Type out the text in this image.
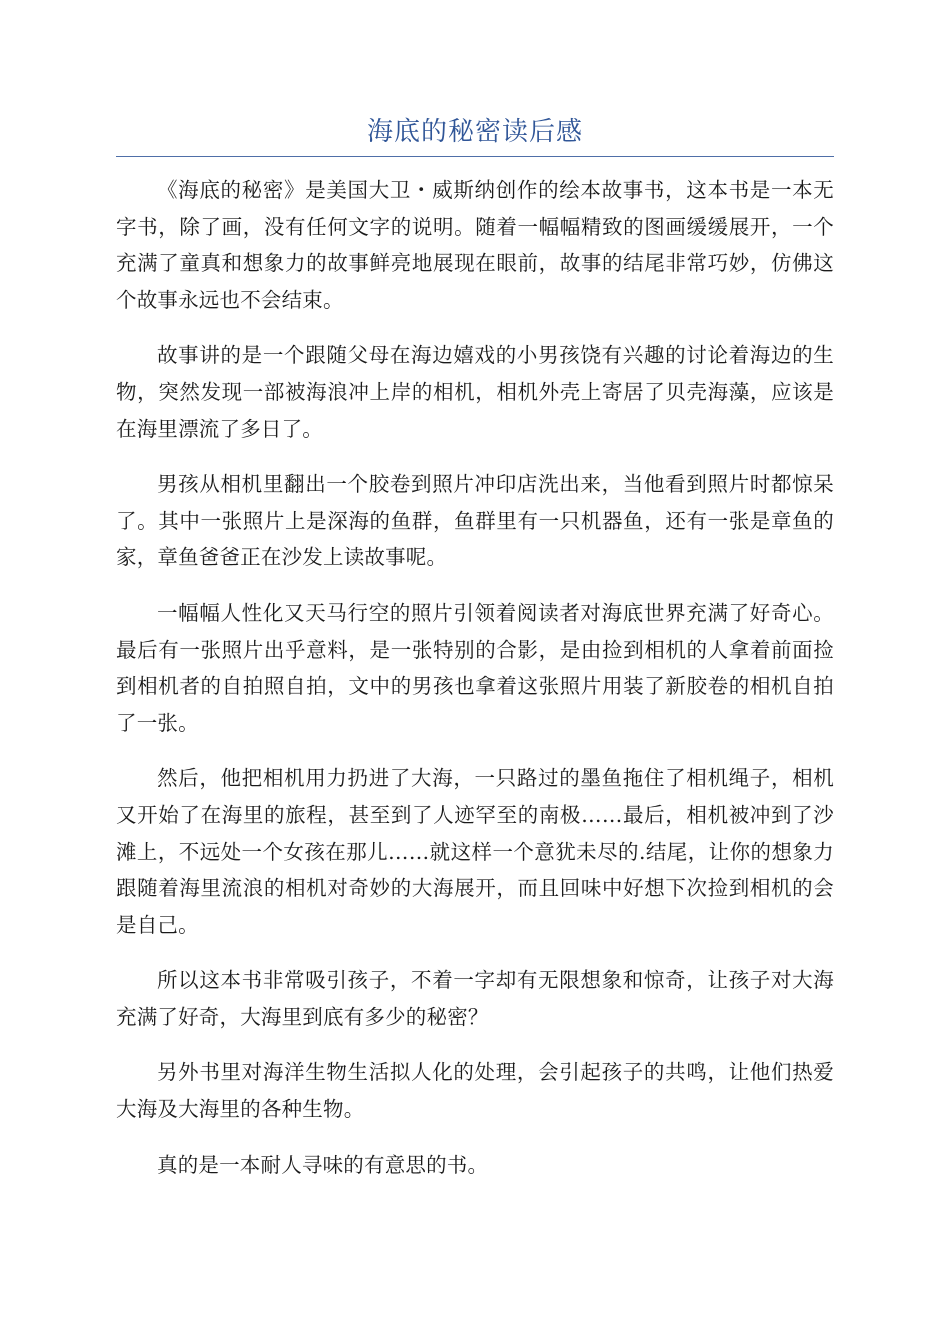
海底的秘密读后感

《海底的秘密》是美国大卫・威斯纳创作的绘本故事书，这本书是一本无字书，除了画，没有任何文字的说明。随着一幅幅精致的图画缓缓展开，一个充满了童真和想象力的故事鲜亮地展现在眼前，故事的结尾非常巧妙，仿佛这个故事永远也不会结束。

故事讲的是一个跟随父母在海边嬉戏的小男孩饶有兴趣的讨论着海边的生物，突然发现一部被海浪冲上岸的相机，相机外壳上寄居了贝壳海藻，应该是在海里漂流了多日了。

男孩从相机里翻出一个胶卷到照片冲印店洗出来，当他看到照片时都惊呆了。其中一张照片上是深海的鱼群，鱼群里有一只机器鱼，还有一张是章鱼的家，章鱼爸爸正在沙发上读故事呢。

一幅幅人性化又天马行空的照片引领着阅读者对海底世界充满了好奇心。最后有一张照片出乎意料，是一张特别的合影，是由捡到相机的人拿着前面捡到相机者的自拍照自拍，文中的男孩也拿着这张照片用装了新胶卷的相机自拍了一张。

然后，他把相机用力扔进了大海，一只路过的墨鱼拖住了相机绳子，相机又开始了在海里的旅程，甚至到了人迹罕至的南极……最后，相机被冲到了沙滩上，不远处一个女孩在那儿……就这样一个意犹未尽的.结尾，让你的想象力跟随着海里流浪的相机对奇妙的大海展开，而且回味中好想下次捡到相机的会是自己。

所以这本书非常吸引孩子，不着一字却有无限想象和惊奇，让孩子对大海充满了好奇，大海里到底有多少的秘密？

另外书里对海洋生物生活拟人化的处理，会引起孩子的共鸣，让他们热爱大海及大海里的各种生物。

真的是一本耐人寻味的有意思的书。
